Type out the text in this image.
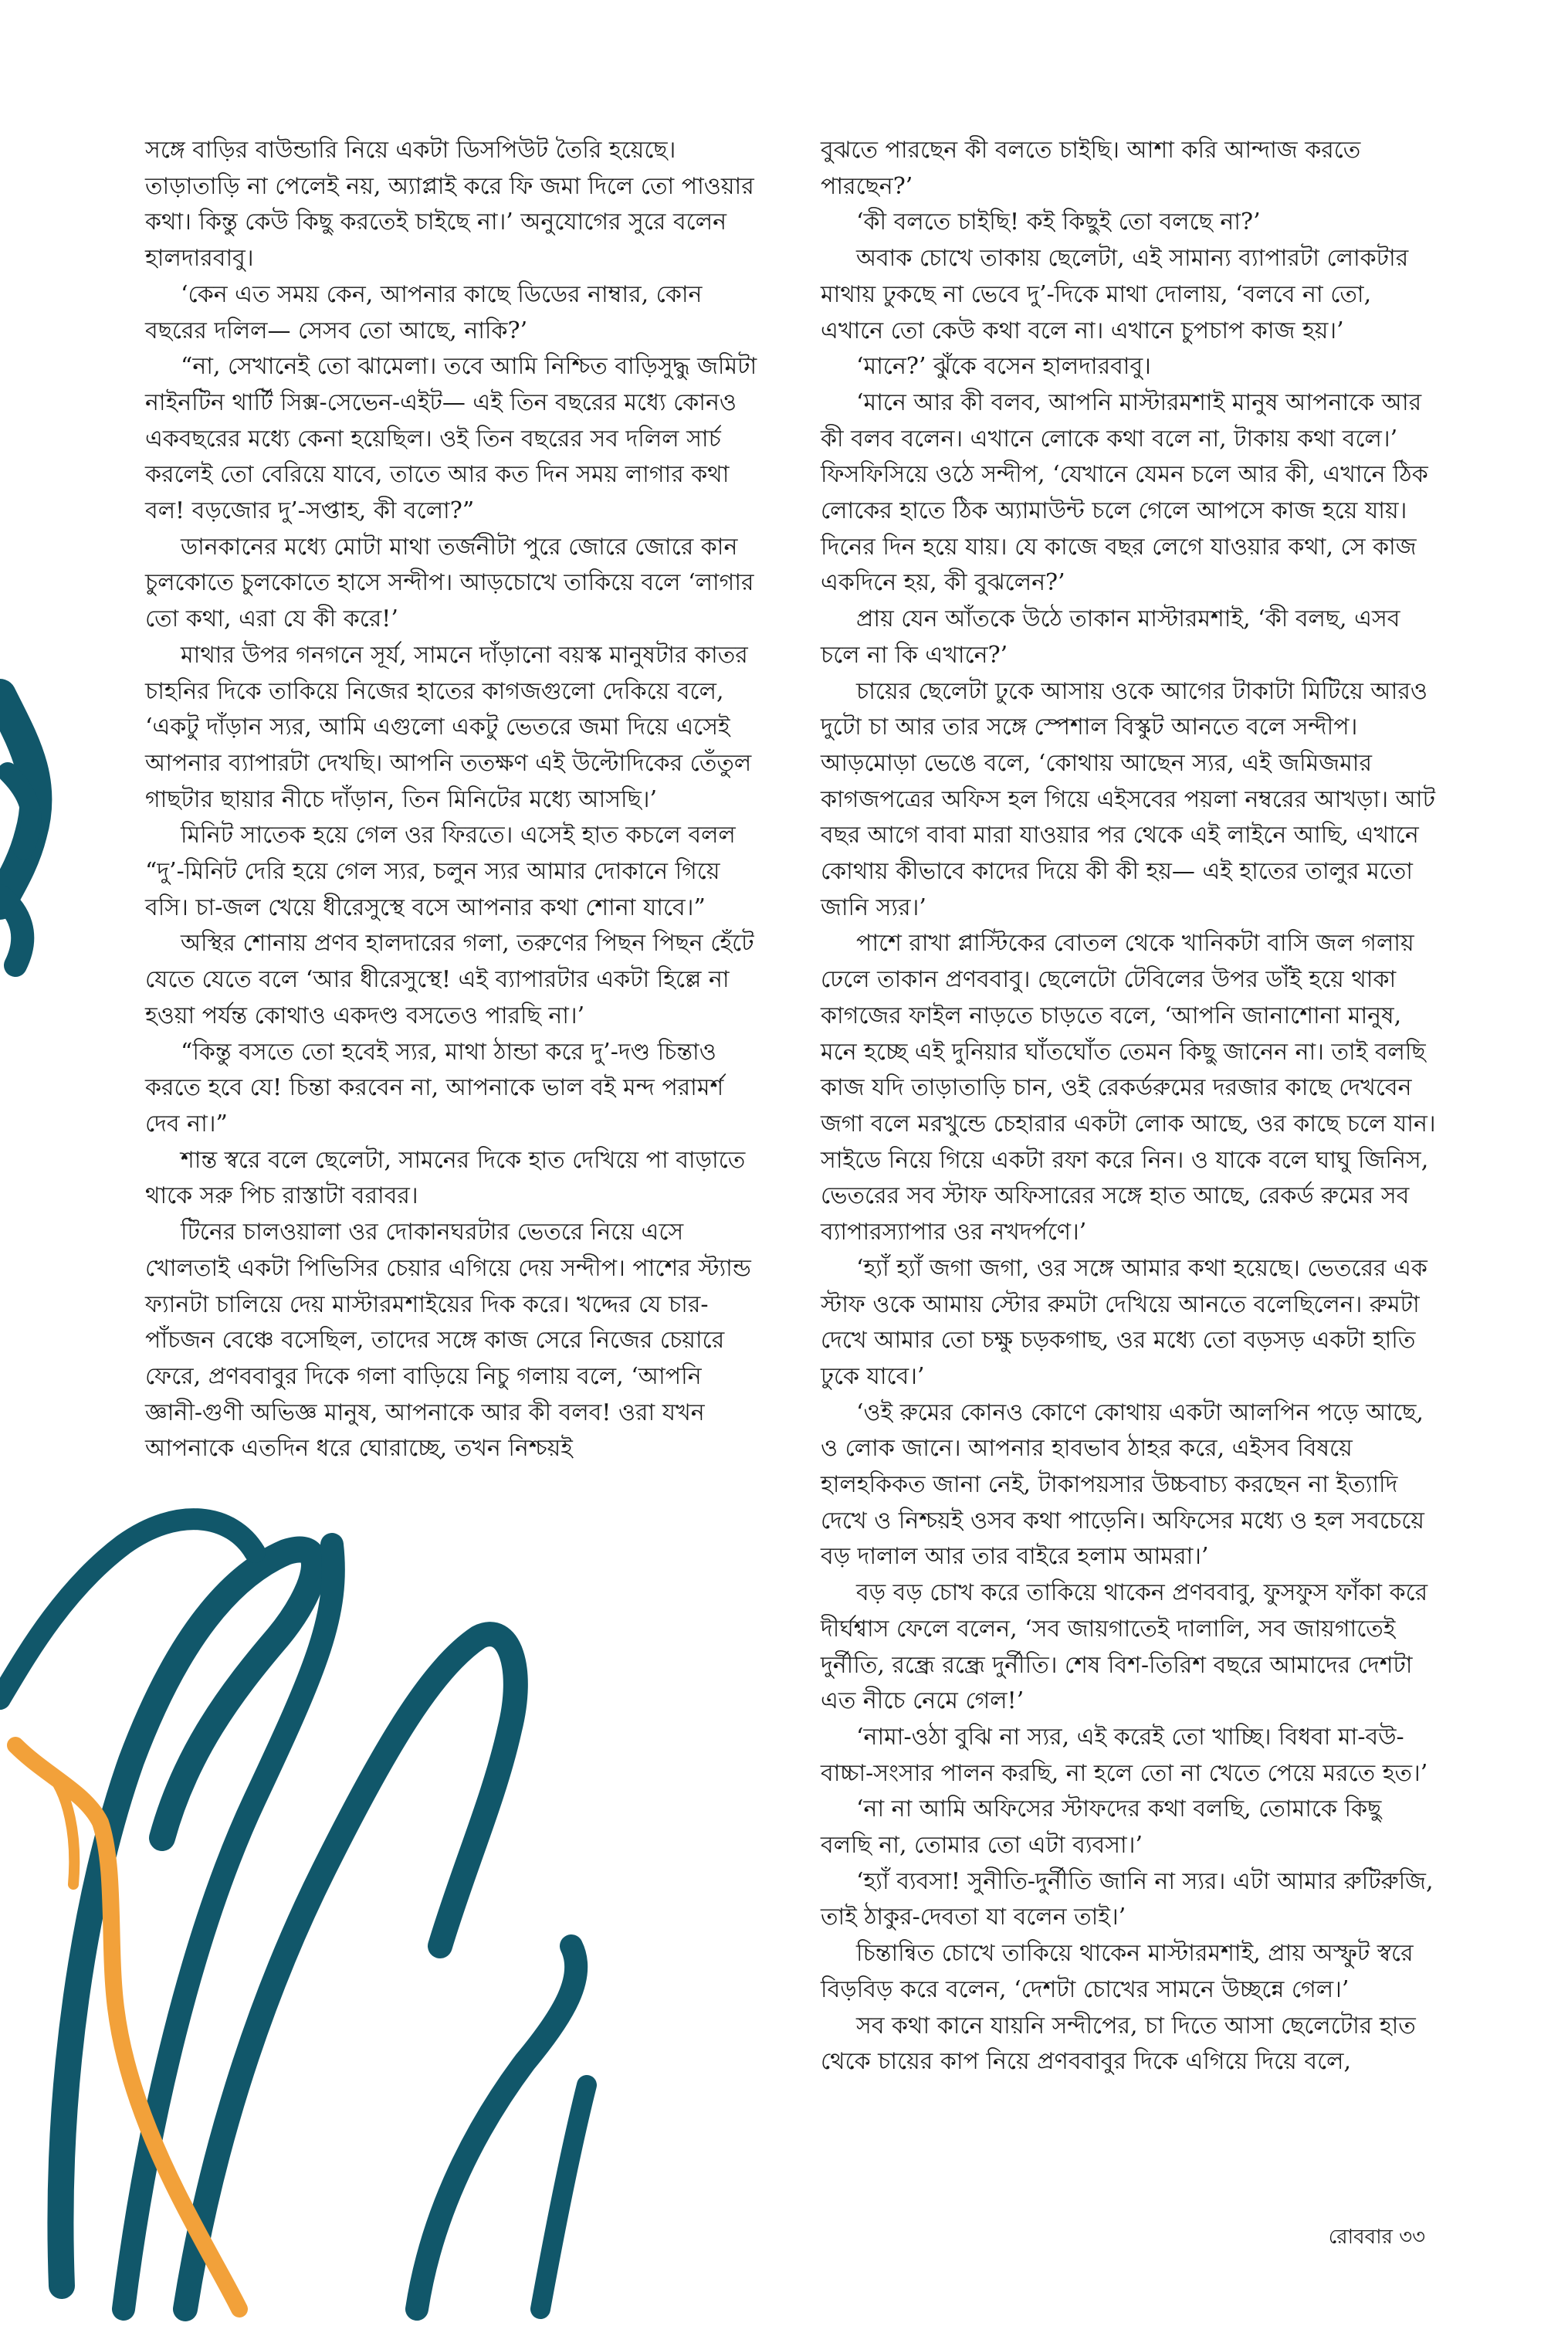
সঙ্গে বাড়ির বাউন্ডারি নিয়ে একটা ডিসপিউট তৈরি হয়েছে। তাড়াতাড়ি না পেলেই নয়, অ্যাপ্লাই করে ফি জমা দিলে তো পাওয়ার কথা। কিন্তু কেউ কিছু করতেই চাইছে না।’ অনুযোগের সুরে বলেন হালদারবাবু।

‘কেন এত সময় কেন, আপনার কাছে ডিডের নাম্বার, কোন বছরের দলিল— সেসব তো আছে, নাকি?’

“না, সেখানেই তো ঝামেলা। তবে আমি নিশ্চিত বাড়িসুদ্ধু জমিটা নাইনটিন থার্টি সিক্স-সেভেন-এইট— এই তিন বছরের মধ্যে কোনও একবছরের মধ্যে কেনা হয়েছিল। ওই তিন বছরের সব দলিল সার্চ করলেই তো বেরিয়ে যাবে, তাতে আর কত দিন সময় লাগার কথা বল! বড়জোর দু’-সপ্তাহ, কী বলো?”

ডানকানের মধ্যে মোটা মাথা তর্জনীটা পুরে জোরে জোরে কান চুলকোতে চুলকোতে হাসে সন্দীপ। আড়চোখে তাকিয়ে বলে ‘লাগার তো কথা, এরা যে কী করে!’

মাথার উপর গনগনে সূর্য, সামনে দাঁড়ানো বয়স্ক মানুষটার কাতর চাহনির দিকে তাকিয়ে নিজের হাতের কাগজগুলো দেকিয়ে বলে, ‘একটু দাঁড়ান স্যর, আমি এগুলো একটু ভেতরে জমা দিয়ে এসেই আপনার ব্যাপারটা দেখছি। আপনি ততক্ষণ এই উল্টোদিকের তেঁতুল গাছটার ছায়ার নীচে দাঁড়ান, তিন মিনিটের মধ্যে আসছি।’

মিনিট সাতেক হয়ে গেল ওর ফিরতে। এসেই হাত কচলে বলল “দু’-মিনিট দেরি হয়ে গেল স্যর, চলুন স্যর আমার দোকানে গিয়ে বসি। চা-জল খেয়ে ধীরেসুস্থে বসে আপনার কথা শোনা যাবে।”

অস্থির শোনায় প্রণব হালদারের গলা, তরুণের পিছন পিছন হেঁটে যেতে যেতে বলে ‘আর ধীরেসুস্থে! এই ব্যাপারটার একটা হিল্লে না হওয়া পর্যন্ত কোথাও একদণ্ড বসতেও পারছি না।’

“কিন্তু বসতে তো হবেই স্যর, মাথা ঠান্ডা করে দু’-দণ্ড চিন্তাও করতে হবে যে! চিন্তা করবেন না, আপনাকে ভাল বই মন্দ পরামর্শ দেব না।”

শান্ত স্বরে বলে ছেলেটা, সামনের দিকে হাত দেখিয়ে পা বাড়াতে থাকে সরু পিচ রাস্তাটা বরাবর।

টিনের চালওয়ালা ওর দোকানঘরটার ভেতরে নিয়ে এসে খোলতাই একটা পিভিসির চেয়ার এগিয়ে দেয় সন্দীপ। পাশের স্ট্যান্ড ফ্যানটা চালিয়ে দেয় মাস্টারমশাইয়ের দিক করে। খদ্দের যে চার-পাঁচজন বেঞ্চে বসেছিল, তাদের সঙ্গে কাজ সেরে নিজের চেয়ারে ফেরে, প্রণববাবুর দিকে গলা বাড়িয়ে নিচু গলায় বলে, ‘আপনি জ্ঞানী-গুণী অভিজ্ঞ মানুষ, আপনাকে আর কী বলব! ওরা যখন আপনাকে এতদিন ধরে ঘোরাচ্ছে, তখন নিশ্চয়ই

বুঝতে পারছেন কী বলতে চাইছি। আশা করি আন্দাজ করতে পারছেন?’

‘কী বলতে চাইছি! কই কিছুই তো বলছে না?’

অবাক চোখে তাকায় ছেলেটা, এই সামান্য ব্যাপারটা লোকটার মাথায় ঢুকছে না ভেবে দু’-দিকে মাথা দোলায়, ‘বলবে না তো, এখানে তো কেউ কথা বলে না। এখানে চুপচাপ কাজ হয়।’

‘মানে?’ ঝুঁকে বসেন হালদারবাবু।

‘মানে আর কী বলব, আপনি মাস্টারমশাই মানুষ আপনাকে আর কী বলব বলেন। এখানে লোকে কথা বলে না, টাকায় কথা বলে।’ ফিসফিসিয়ে ওঠে সন্দীপ, ‘যেখানে যেমন চলে আর কী, এখানে ঠিক লোকের হাতে ঠিক অ্যামাউন্ট চলে গেলে আপসে কাজ হয়ে যায়। দিনের দিন হয়ে যায়। যে কাজে বছর লেগে যাওয়ার কথা, সে কাজ একদিনে হয়, কী বুঝলেন?’

প্রায় যেন আঁতকে উঠে তাকান মাস্টারমশাই, ‘কী বলছ, এসব চলে না কি এখানে?’

চায়ের ছেলেটা ঢুকে আসায় ওকে আগের টাকাটা মিটিয়ে আরও দুটো চা আর তার সঙ্গে স্পেশাল বিস্কুট আনতে বলে সন্দীপ। আড়মোড়া ভেঙে বলে, ‘কোথায় আছেন স্যর, এই জমিজমার কাগজপত্রের অফিস হল গিয়ে এইসবের পয়লা নম্বরের আখড়া। আট বছর আগে বাবা মারা যাওয়ার পর থেকে এই লাইনে আছি, এখানে কোথায় কীভাবে কাদের দিয়ে কী কী হয়— এই হাতের তালুর মতো জানি স্যর।’

পাশে রাখা প্লাস্টিকের বোতল থেকে খানিকটা বাসি জল গলায় ঢেলে তাকান প্রণববাবু। ছেলেটো টেবিলের উপর ডাঁই হয়ে থাকা কাগজের ফাইল নাড়তে চাড়তে বলে, ‘আপনি জানাশোনা মানুষ, মনে হচ্ছে এই দুনিয়ার ঘাঁতঘোঁত তেমন কিছু জানেন না। তাই বলছি কাজ যদি তাড়াতাড়ি চান, ওই রেকর্ডরুমের দরজার কাছে দেখবেন জগা বলে মরখুন্ডে চেহারার একটা লোক আছে, ওর কাছে চলে যান। সাইডে নিয়ে গিয়ে একটা রফা করে নিন। ও যাকে বলে ঘাঘু জিনিস, ভেতরের সব স্টাফ অফিসারের সঙ্গে হাত আছে, রেকর্ড রুমের সব ব্যাপারস্যাপার ওর নখদর্পণে।’

‘হ্যাঁ হ্যাঁ জগা জগা, ওর সঙ্গে আমার কথা হয়েছে। ভেতরের এক স্টাফ ওকে আমায় স্টোর রুমটা দেখিয়ে আনতে বলেছিলেন। রুমটা দেখে আমার তো চক্ষু চড়কগাছ, ওর মধ্যে তো বড়সড় একটা হাতি ঢুকে যাবে।’

‘ওই রুমের কোনও কোণে কোথায় একটা আলপিন পড়ে আছে, ও লোক জানে। আপনার হাবভাব ঠাহর করে, এইসব বিষয়ে হালহকিকত জানা নেই, টাকাপয়সার উচ্চবাচ্য করছেন না ইত্যাদি দেখে ও নিশ্চয়ই ওসব কথা পাড়েনি। অফিসের মধ্যে ও হল সবচেয়ে বড় দালাল আর তার বাইরে হলাম আমরা।’

বড় বড় চোখ করে তাকিয়ে থাকেন প্রণববাবু, ফুসফুস ফাঁকা করে দীর্ঘশ্বাস ফেলে বলেন, ‘সব জায়গাতেই দালালি, সব জায়গাতেই দুর্নীতি, রন্ধ্রে রন্ধ্রে দুর্নীতি। শেষ বিশ-তিরিশ বছরে আমাদের দেশটা এত নীচে নেমে গেল!’

‘নামা-ওঠা বুঝি না স্যর, এই করেই তো খাচ্ছি। বিধবা মা-বউ-বাচ্চা-সংসার পালন করছি, না হলে তো না খেতে পেয়ে মরতে হত।’

‘না না আমি অফিসের স্টাফদের কথা বলছি, তোমাকে কিছু বলছি না, তোমার তো এটা ব্যবসা।’

‘হ্যাঁ ব্যবসা! সুনীতি-দুর্নীতি জানি না স্যর। এটা আমার রুটিরুজি, তাই ঠাকুর-দেবতা যা বলেন তাই।’

চিন্তান্বিত চোখে তাকিয়ে থাকেন মাস্টারমশাই, প্রায় অস্ফুট স্বরে বিড়বিড় করে বলেন, ‘দেশটা চোখের সামনে উচ্ছন্নে গেল।’

সব কথা কানে যায়নি সন্দীপের, চা দিতে আসা ছেলেটোর হাত থেকে চায়ের কাপ নিয়ে প্রণববাবুর দিকে এগিয়ে দিয়ে বলে,

রোববার ৩৩
